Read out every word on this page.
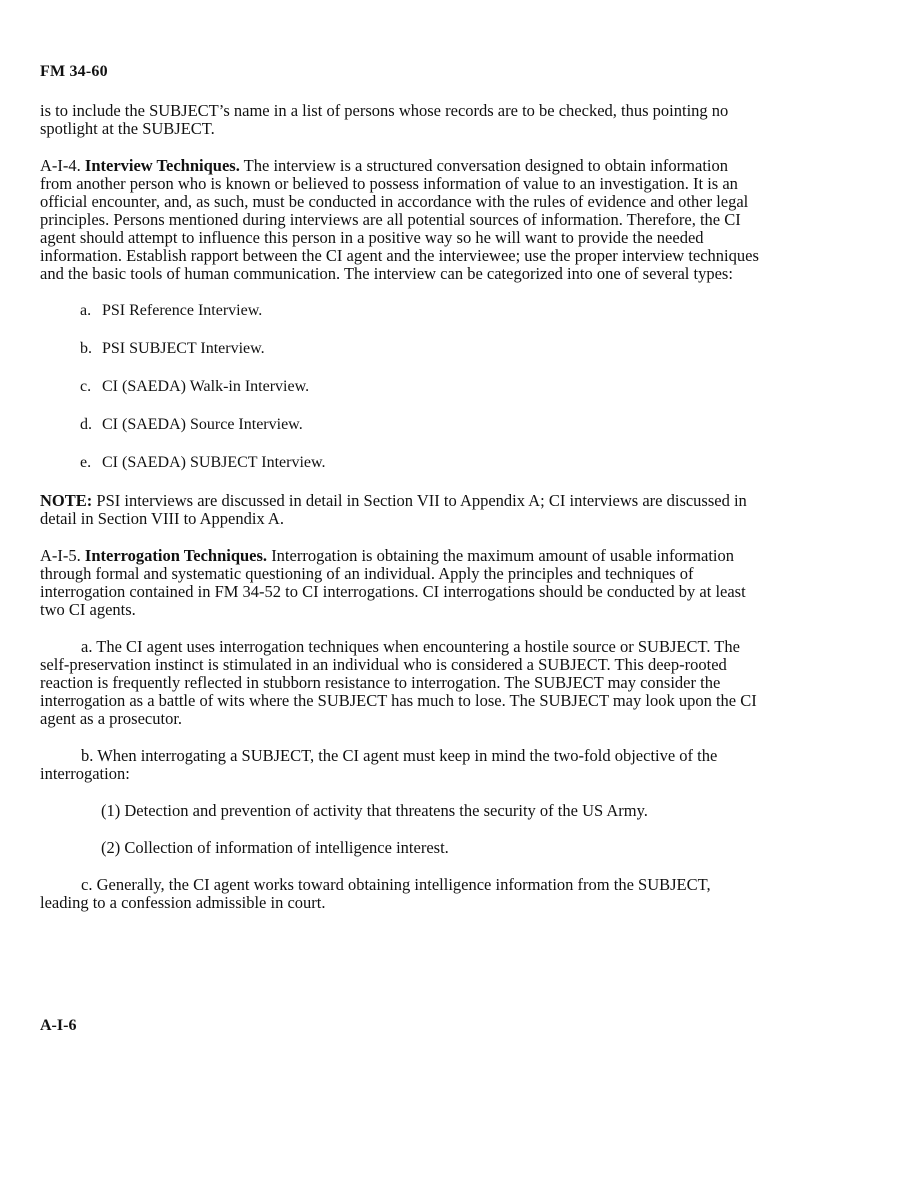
FM 34-60

is to include the SUBJECT’s name in a list of persons whose records are to be checked, thus pointing no spotlight at the SUBJECT.

A-I-4. Interview Techniques. The interview is a structured conversation designed to obtain information from another person who is known or believed to possess information of value to an investigation. It is an official encounter, and, as such, must be conducted in accordance with the rules of evidence and other legal principles. Persons mentioned during interviews are all potential sources of information. Therefore, the CI agent should attempt to influence this person in a positive way so he will want to provide the needed information. Establish rapport between the CI agent and the interviewee; use the proper interview techniques and the basic tools of human communication. The interview can be categorized into one of several types:

a. PSI Reference Interview.
b. PSI SUBJECT Interview.
c. CI (SAEDA) Walk-in Interview.
d. CI (SAEDA) Source Interview.
e. CI (SAEDA) SUBJECT Interview.

NOTE: PSI interviews are discussed in detail in Section VII to Appendix A; CI interviews are discussed in detail in Section VIII to Appendix A.

A-I-5. Interrogation Techniques. Interrogation is obtaining the maximum amount of usable information through formal and systematic questioning of an individual. Apply the principles and techniques of interrogation contained in FM 34-52 to CI interrogations. CI interrogations should be conducted by at least two CI agents.

a. The CI agent uses interrogation techniques when encountering a hostile source or SUBJECT. The self-preservation instinct is stimulated in an individual who is considered a SUBJECT. This deep-rooted reaction is frequently reflected in stubborn resistance to interrogation. The SUBJECT may consider the interrogation as a battle of wits where the SUBJECT has much to lose. The SUBJECT may look upon the CI agent as a prosecutor.

b. When interrogating a SUBJECT, the CI agent must keep in mind the two-fold objective of the interrogation:

(1) Detection and prevention of activity that threatens the security of the US Army.

(2) Collection of information of intelligence interest.

c. Generally, the CI agent works toward obtaining intelligence information from the SUBJECT, leading to a confession admissible in court.

A-I-6
